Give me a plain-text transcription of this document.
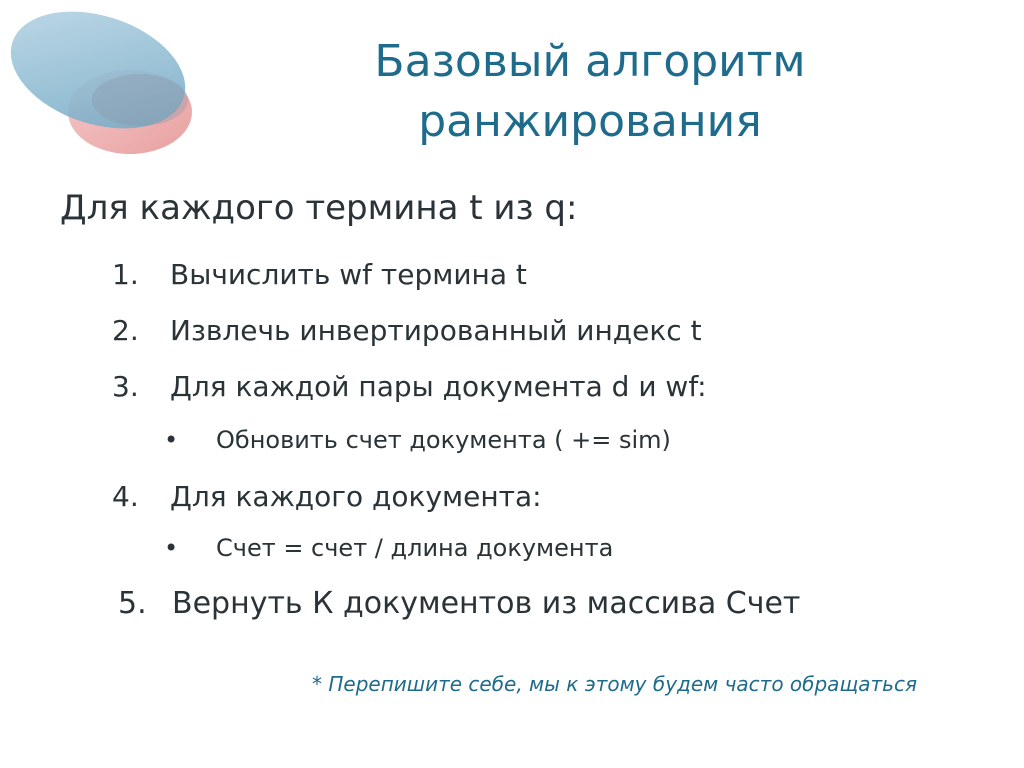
Базовый алгоритм
ранжирования
Для каждого термина t из q:
1. Вычислить wf термина t
2. Извлечь инвертированный индекс t
3. Для каждой пары документа d и wf:
• Обновить счет документа ( += sim)
4. Для каждого документа:
• Счет = счет / длина документа
5. Вернуть К документов из массива Счет
* Перепишите себе, мы к этому будем часто обращаться
